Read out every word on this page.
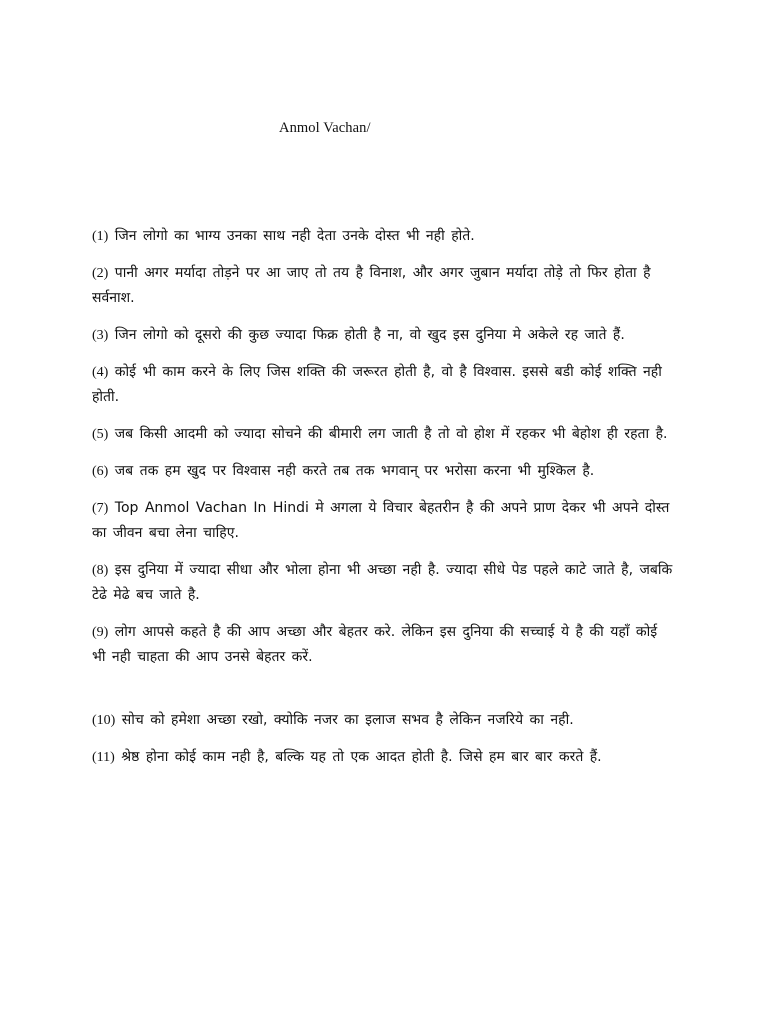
Anmol Vachan/
(1) जिन लोगो का भाग्य उनका साथ नही देता उनके दोस्त भी नही होते.
(2) पानी अगर मर्यादा तोड़ने पर आ जाए तो तय है विनाश, और अगर जुबान मर्यादा तोड़े तो फिर होता है सर्वनाश.
(3) जिन लोगो को दूसरो की कुछ ज्यादा फिक्र होती है ना, वो खुद इस दुनिया मे अकेले रह जाते हैं.
(4) कोई भी काम करने के लिए जिस शक्ति की जरूरत होती है, वो है विश्वास. इससे बडी कोई शक्ति नही होती.
(5) जब किसी आदमी को ज्यादा सोचने की बीमारी लग जाती है तो वो होश में रहकर भी बेहोश ही रहता है.
(6) जब तक हम खुद पर विश्वास नही करते तब तक भगवान् पर भरोसा करना भी मुश्किल है.
(7) Top Anmol Vachan In Hindi मे अगला ये विचार बेहतरीन है की अपने प्राण देकर भी अपने दोस्त का जीवन बचा लेना चाहिए.
(8) इस दुनिया में ज्यादा सीधा और भोला होना भी अच्छा नही है. ज्यादा सीधे पेड पहले काटे जाते है, जबकि टेढे मेढे बच जाते है.
(9) लोग आपसे कहते है की आप अच्छा और बेहतर करे. लेकिन इस दुनिया की सच्चाई ये है की यहाँ कोई भी नही चाहता की आप उनसे बेहतर करें.
(10) सोच को हमेशा अच्छा रखो, क्योकि नजर का इलाज सभव है लेकिन नजरिये का नही.
(11) श्रेष्ठ होना कोई काम नही है, बल्कि यह तो एक आदत होती है. जिसे हम बार बार करते हैं.
